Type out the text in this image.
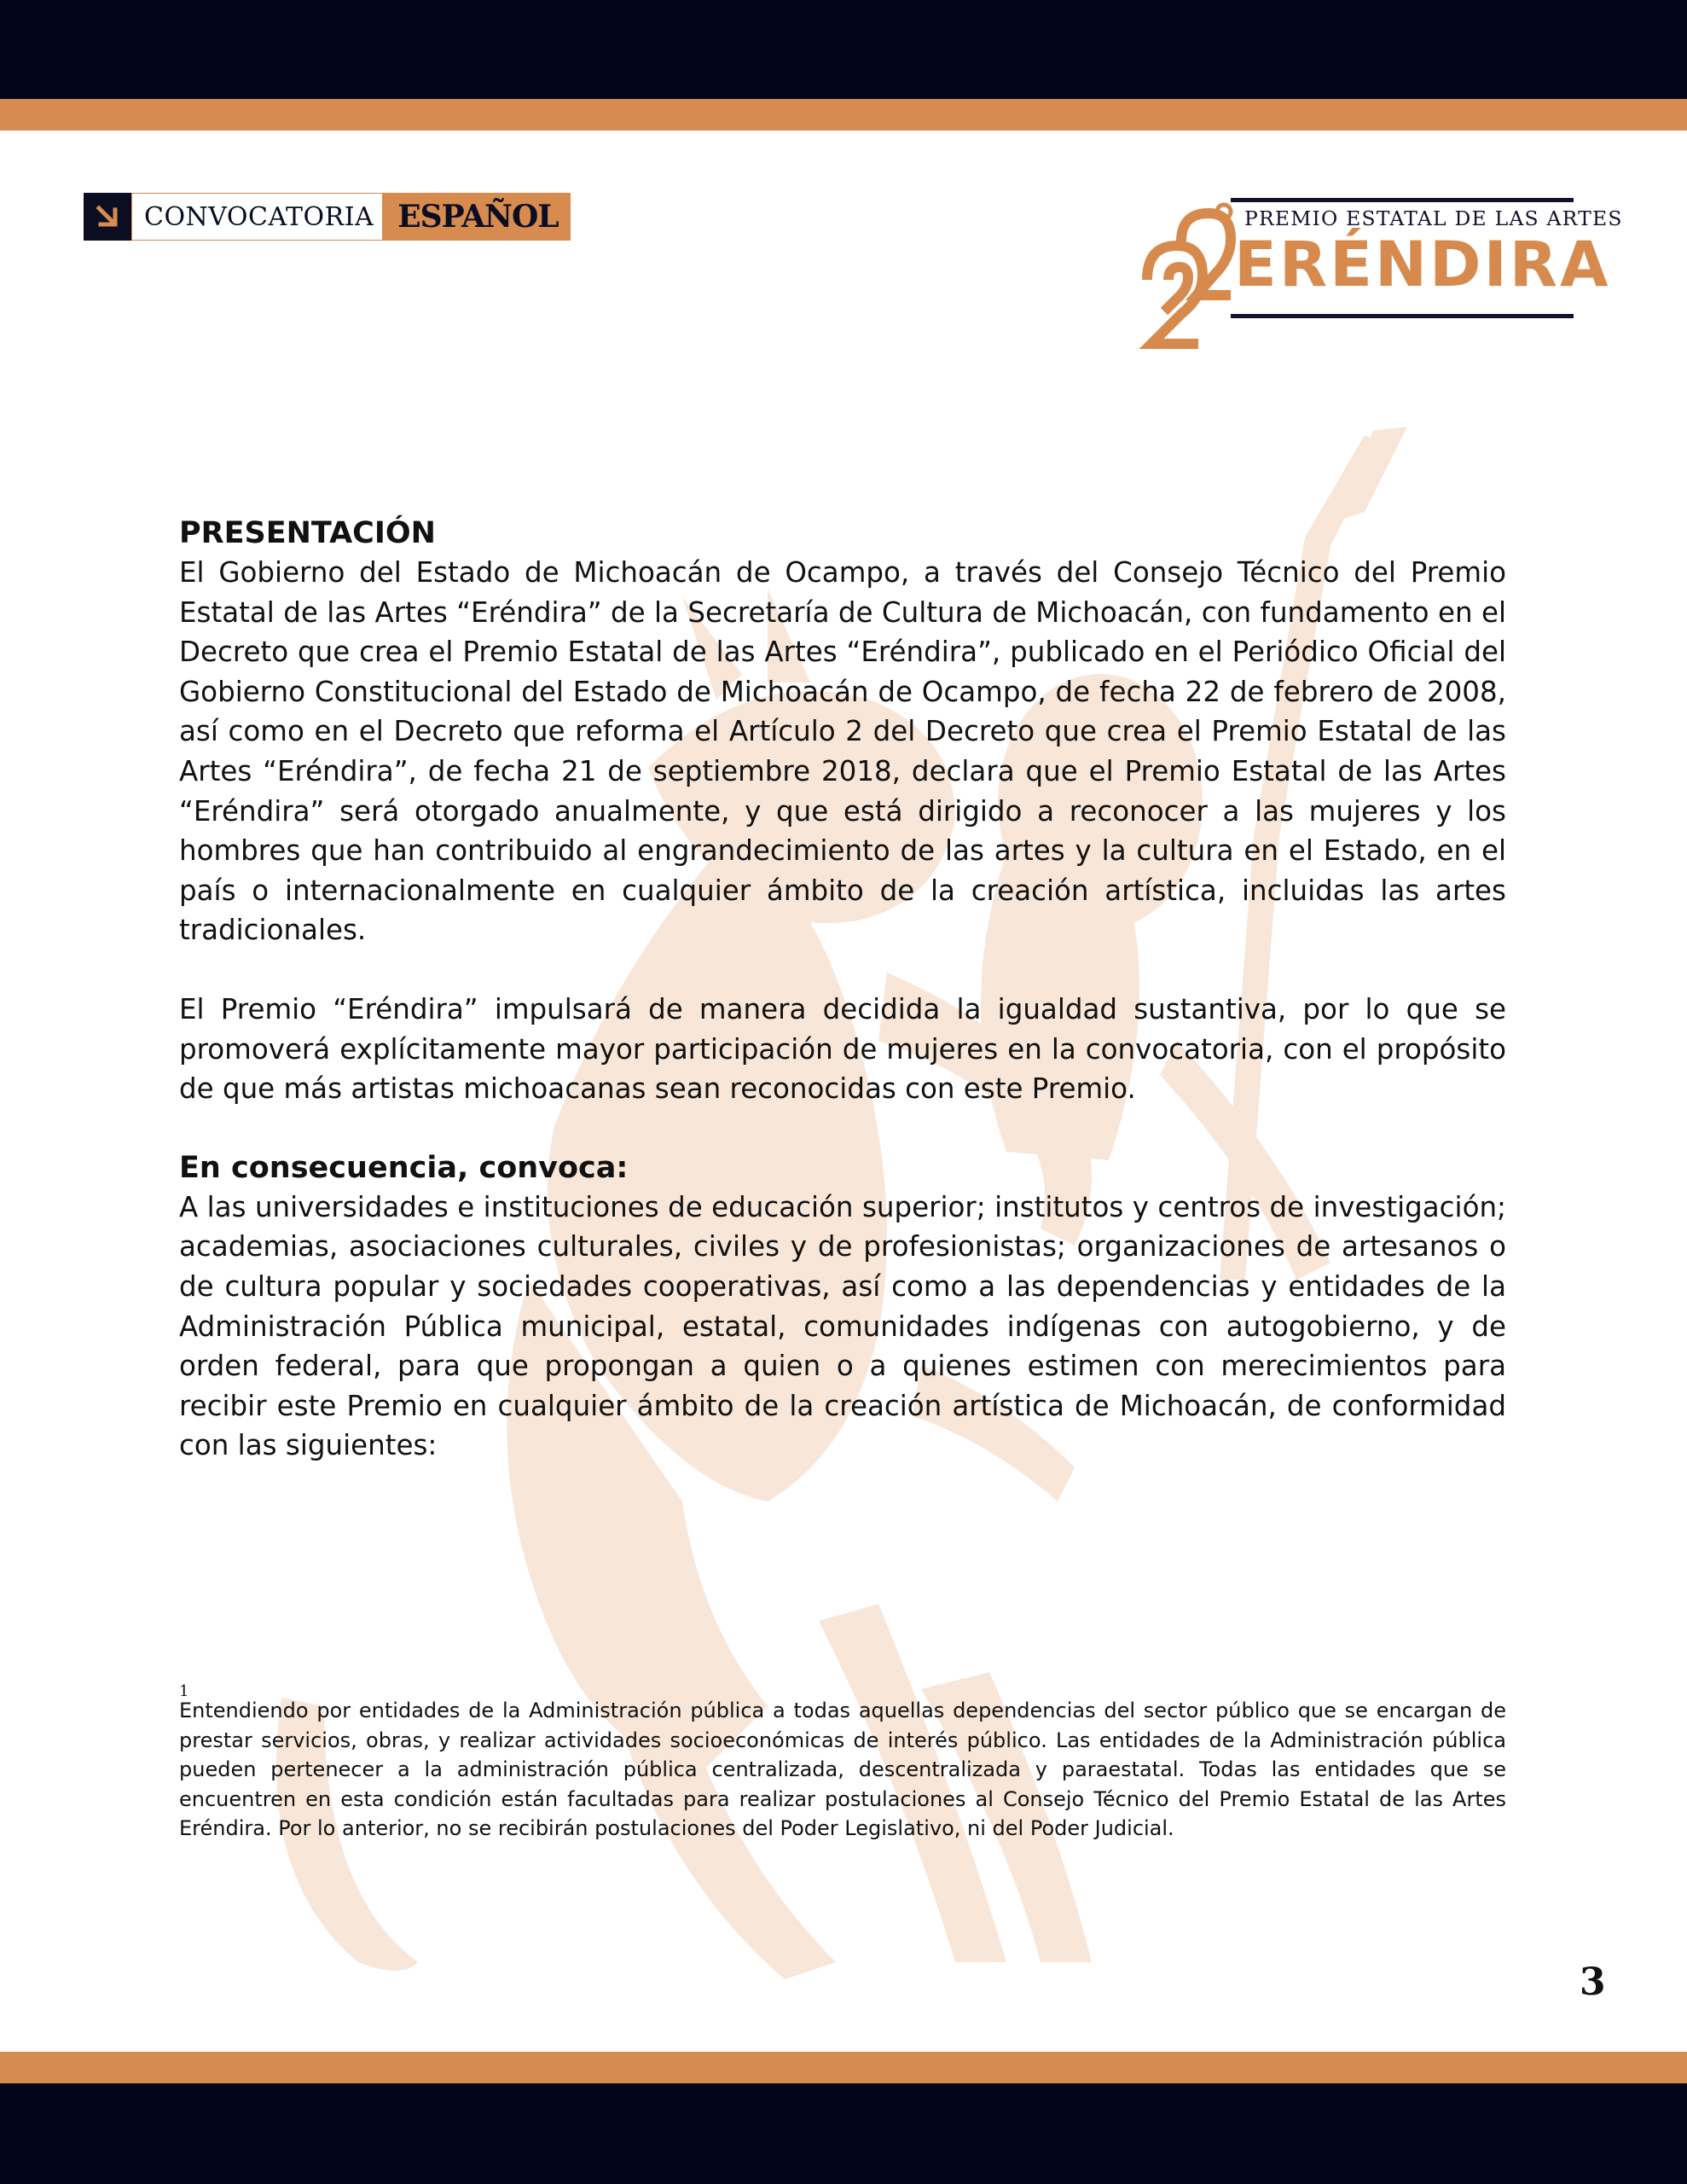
CONVOCATORIA ESPAÑOL
22
PREMIO ESTATAL DE LAS ARTES
ERÉNDIRA
PRESENTACIÓN

El Gobierno del Estado de Michoacán de Ocampo, a través del Consejo Técnico del Premio Estatal de las Artes “Eréndira” de la Secretaría de Cultura de Michoacán, con fundamento en el Decreto que crea el Premio Estatal de las Artes “Eréndira”, publicado en el Periódico Oficial del Gobierno Constitucional del Estado de Michoacán de Ocampo, de fecha 22 de febrero de 2008, así como en el Decreto que reforma el Artículo 2 del Decreto que crea el Premio Estatal de las Artes “Eréndira”, de fecha 21 de septiembre 2018, declara que el Premio Estatal de las Artes “Eréndira” será otorgado anualmente, y que está dirigido a reconocer a las mujeres y los hombres que han contribuido al engrandecimiento de las artes y la cultura en el Estado, en el país o internacionalmente en cualquier ámbito de la creación artística, incluidas las artes tradicionales.

El Premio “Eréndira” impulsará de manera decidida la igualdad sustantiva, por lo que se promoverá explícitamente mayor participación de mujeres en la convocatoria, con el propósito de que más artistas michoacanas sean reconocidas con este Premio.

En consecuencia, convoca:

A las universidades e instituciones de educación superior; institutos y centros de investigación; academias, asociaciones culturales, civiles y de profesionistas; organizaciones de artesanos o de cultura popular y sociedades cooperativas, así como a las dependencias y entidades de la Administración Pública municipal, estatal, comunidades indígenas con autogobierno, y de orden federal, para que propongan a quien o a quienes estimen con merecimientos para recibir este Premio en cualquier ámbito de la creación artística de Michoacán, de conformidad con las siguientes:

1

Entendiendo por entidades de la Administración pública a todas aquellas dependencias del sector público que se encargan de prestar servicios, obras, y realizar actividades socioeconómicas de interés público. Las entidades de la Administración pública pueden pertenecer a la administración pública centralizada, descentralizada y paraestatal. Todas las entidades que se encuentren en esta condición están facultadas para realizar postulaciones al Consejo Técnico del Premio Estatal de las Artes Eréndira. Por lo anterior, no se recibirán postulaciones del Poder Legislativo, ni del Poder Judicial.

3
